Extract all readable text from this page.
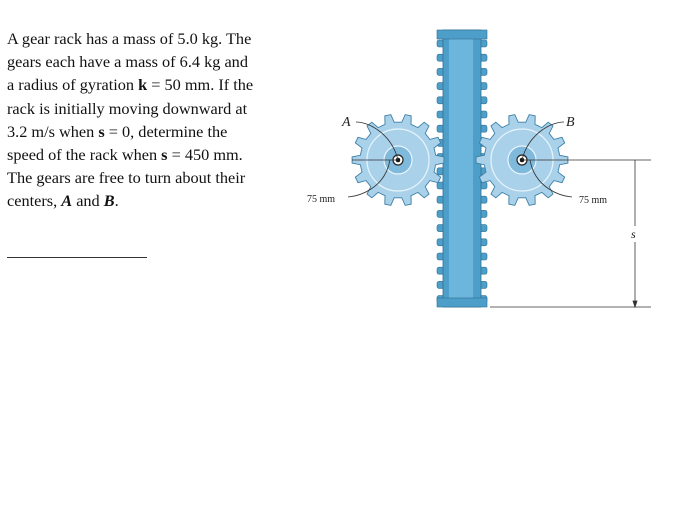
A gear rack has a mass of 5.0 kg. The

gears each have a mass of 6.4 kg and

a radius of gyration k = 50 mm. If the

rack is initially moving downward at

3.2 m/s when s = 0, determine the

speed of the rack when s = 450 mm.

The gears are free to turn about their

centers, A and B.

A	B
75 mm	75 mm
s
